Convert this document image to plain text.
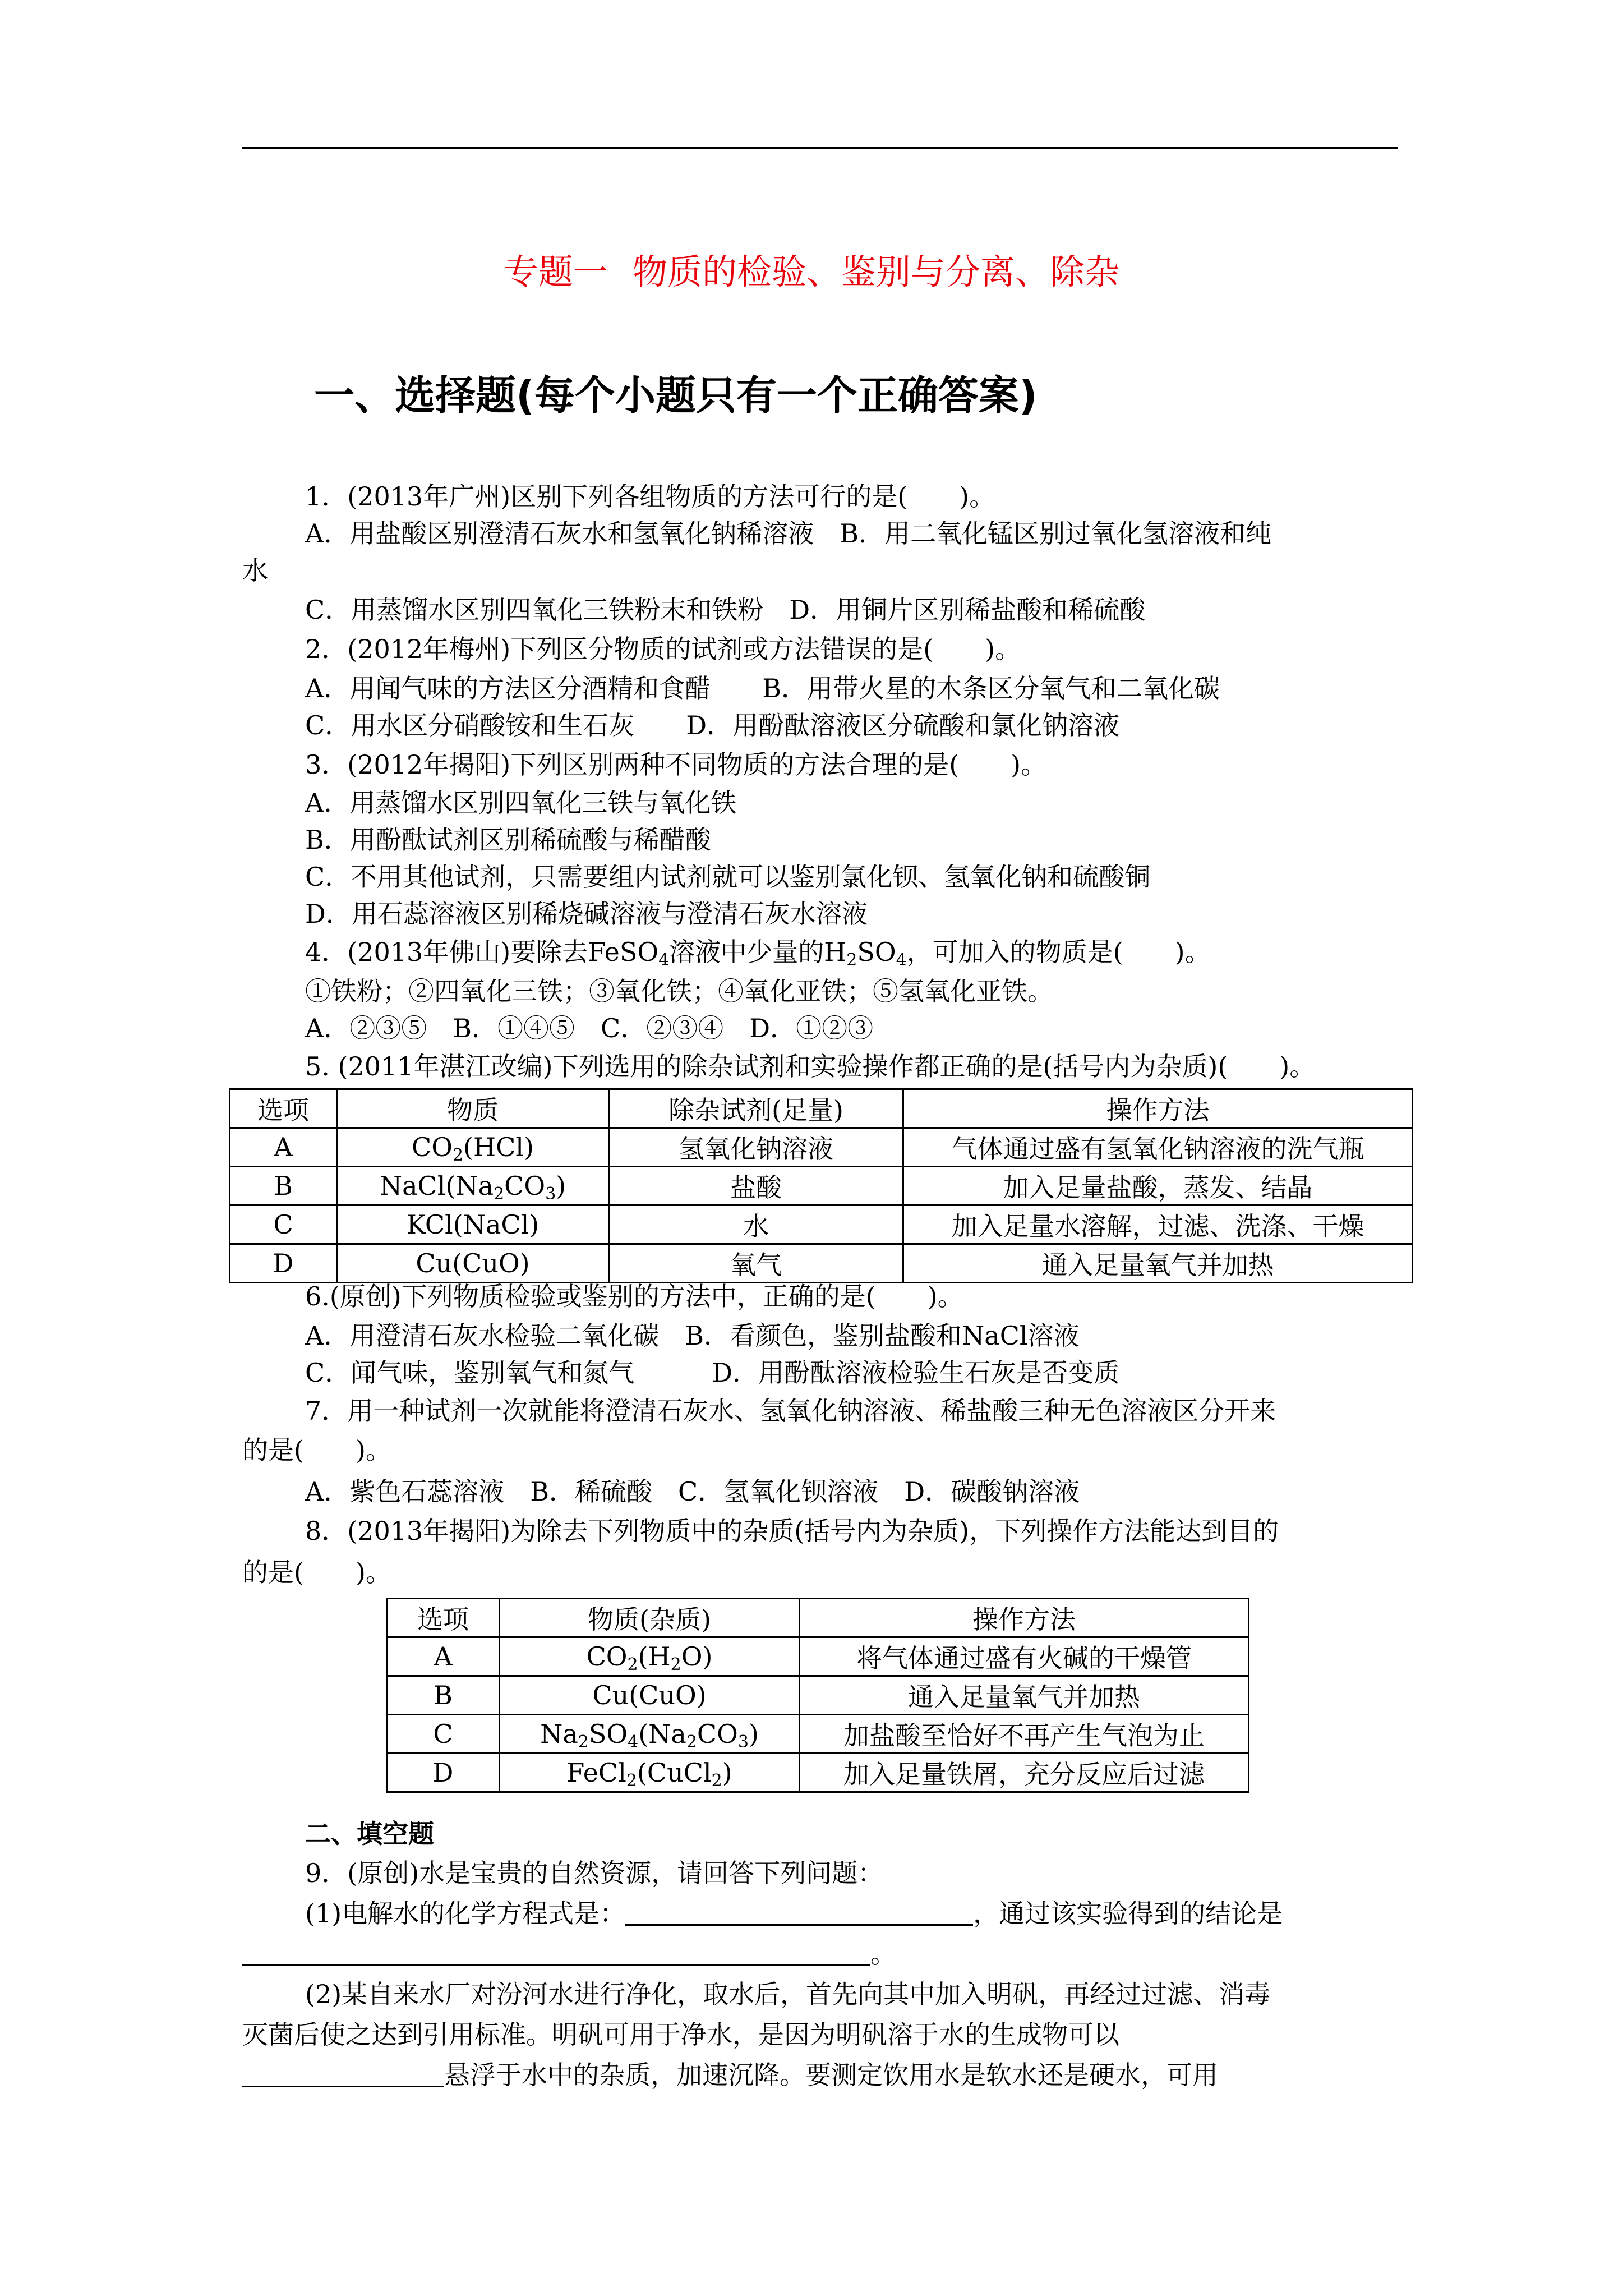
专题一 物质的检验、鉴别与分离、除杂
一、选择题(每个小题只有一个正确答案)
1．(2013年广州)区别下列各组物质的方法可行的是(　　)。
A．用盐酸区别澄清石灰水和氢氧化钠稀溶液　B．用二氧化锰区别过氧化氢溶液和纯
水
C．用蒸馏水区别四氧化三铁粉末和铁粉　D．用铜片区别稀盐酸和稀硫酸
2．(2012年梅州)下列区分物质的试剂或方法错误的是(　　)。
A．用闻气味的方法区分酒精和食醋　　B．用带火星的木条区分氧气和二氧化碳
C．用水区分硝酸铵和生石灰　　D．用酚酞溶液区分硫酸和氯化钠溶液
3．(2012年揭阳)下列区别两种不同物质的方法合理的是(　　)。
A．用蒸馏水区别四氧化三铁与氧化铁
B．用酚酞试剂区别稀硫酸与稀醋酸
C．不用其他试剂，只需要组内试剂就可以鉴别氯化钡、氢氧化钠和硫酸铜
D．用石蕊溶液区别稀烧碱溶液与澄清石灰水溶液
4．(2013年佛山)要除去FeSO$_4$溶液中少量的$H_2SO_4$，可加入的物质是(　　)。
①铁粉；②四氧化三铁；③氧化铁；④氧化亚铁；⑤氢氧化亚铁。
A．②③⑤　B．①④⑤　C．②③④　D．①②③
5. (2011年湛江改编)下列选用的除杂试剂和实验操作都正确的是(括号内为杂质)(　　)。
选项	物质	除杂试剂(足量)	操作方法
A	$CO_2(HCl)$	氢氧化钠溶液	气体通过盛有氢氧化钠溶液的洗气瓶
B	$NaCl(Na_2CO_3)$	盐酸	加入足量盐酸，蒸发、结晶
C	KCl(NaCl)	水	加入足量水溶解，过滤、洗涤、干燥
D	Cu(CuO)	氧气	通入足量氧气并加热
6.(原创)下列物质检验或鉴别的方法中，正确的是(　　)。
A．用澄清石灰水检验二氧化碳　B．看颜色，鉴别盐酸和NaCl溶液
C．闻气味，鉴别氧气和氮气　　　D．用酚酞溶液检验生石灰是否变质
7．用一种试剂一次就能将澄清石灰水、氢氧化钠溶液、稀盐酸三种无色溶液区分开来
的是(　　)。
A．紫色石蕊溶液　B．稀硫酸　C．氢氧化钡溶液　D．碳酸钠溶液
8．(2013年揭阳)为除去下列物质中的杂质(括号内为杂质)，下列操作方法能达到目的
的是(　　)。
选项	物质(杂质)	操作方法
A	$CO_2(H_2O)$	将气体通过盛有火碱的干燥管
B	Cu(CuO)	通入足量氧气并加热
C	$Na_2SO_4(Na_2CO_3)$	加盐酸至恰好不再产生气泡为止
D	FeCl$_2$(CuCl$_2$)	加入足量铁屑，充分反应后过滤
二、填空题
9．(原创)水是宝贵的自然资源，请回答下列问题：
(1)电解水的化学方程式是：	，通过该实验得到的结论是
。
(2)某自来水厂对汾河水进行净化，取水后，首先向其中加入明矾，再经过过滤、消毒
灭菌后使之达到引用标准。明矾可用于净水，是因为明矾溶于水的生成物可以
悬浮于水中的杂质，加速沉降。要测定饮用水是软水还是硬水，可用
